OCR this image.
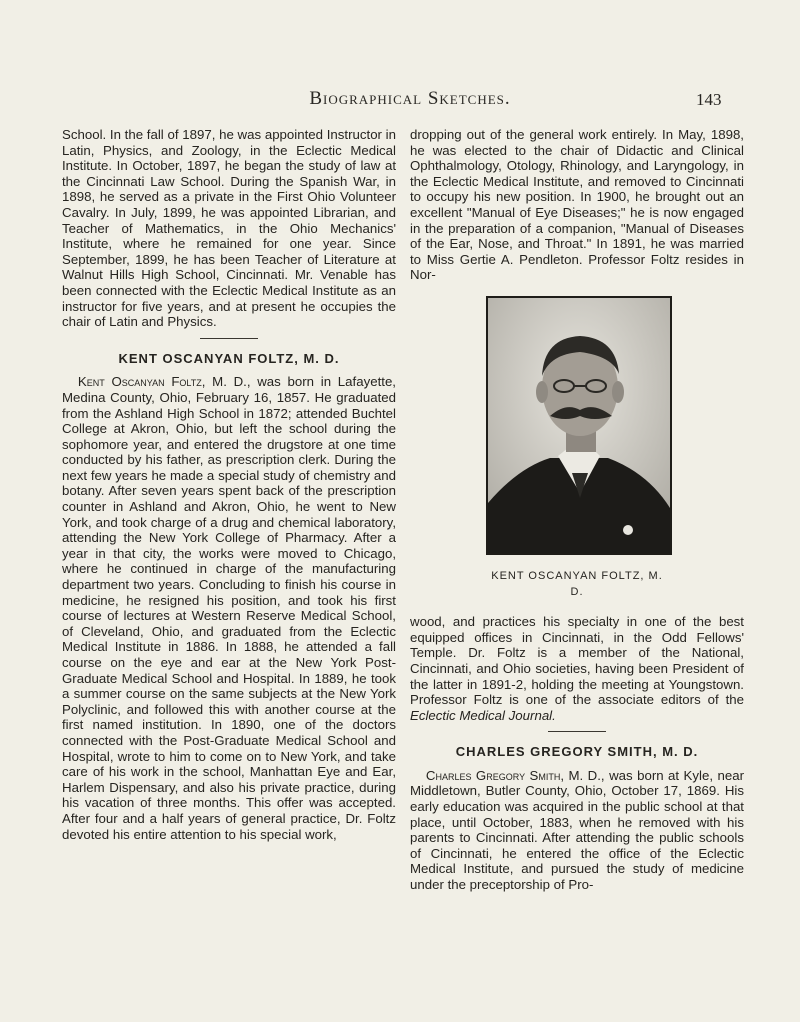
Biographical Sketches.	143

School. In the fall of 1897, he was appointed Instructor in Latin, Physics, and Zoology, in the Eclectic Medical Institute. In October, 1897, he began the study of law at the Cincinnati Law School. During the Spanish War, in 1898, he served as a private in the First Ohio Volunteer Cavalry. In July, 1899, he was appointed Librarian, and Teacher of Mathematics, in the Ohio Mechanics' Institute, where he remained for one year. Since September, 1899, he has been Teacher of Literature at Walnut Hills High School, Cincinnati. Mr. Venable has been connected with the Eclectic Medical Institute as an instructor for five years, and at present he occupies the chair of Latin and Physics.

KENT OSCANYAN FOLTZ, M. D.

Kent Oscanyan Foltz, M. D., was born in Lafayette, Medina County, Ohio, February 16, 1857. He graduated from the Ashland High School in 1872; attended Buchtel College at Akron, Ohio, but left the school during the sophomore year, and entered the drugstore at one time conducted by his father, as prescription clerk. During the next few years he made a special study of chemistry and botany. After seven years spent back of the prescription counter in Ashland and Akron, Ohio, he went to New York, and took charge of a drug and chemical laboratory, attending the New York College of Pharmacy. After a year in that city, the works were moved to Chicago, where he continued in charge of the manufacturing department two years. Concluding to finish his course in medicine, he resigned his position, and took his first course of lectures at Western Reserve Medical School, of Cleveland, Ohio, and graduated from the Eclectic Medical Institute in 1886. In 1888, he attended a fall course on the eye and ear at the New York Post-Graduate Medical School and Hospital. In 1889, he took a summer course on the same subjects at the New York Polyclinic, and followed this with another course at the first named institution. In 1890, one of the doctors connected with the Post-Graduate Medical School and Hospital, wrote to him to come on to New York, and take care of his work in the school, Manhattan Eye and Ear, Harlem Dispensary, and also his private practice, during his vacation of three months. This offer was accepted. After four and a half years of general practice, Dr. Foltz devoted his entire attention to his special work,

dropping out of the general work entirely. In May, 1898, he was elected to the chair of Didactic and Clinical Ophthalmology, Otology, Rhinology, and Laryngology, in the Eclectic Medical Institute, and removed to Cincinnati to occupy his new position. In 1900, he brought out an excellent "Manual of Eye Diseases;" he is now engaged in the preparation of a companion, "Manual of Diseases of the Ear, Nose, and Throat." In 1891, he was married to Miss Gertie A. Pendleton. Professor Foltz resides in Nor-

KENT OSCANYAN FOLTZ, M. D.

wood, and practices his specialty in one of the best equipped offices in Cincinnati, in the Odd Fellows' Temple. Dr. Foltz is a member of the National, Cincinnati, and Ohio societies, having been President of the latter in 1891-2, holding the meeting at Youngstown. Professor Foltz is one of the associate editors of the Eclectic Medical Journal.

CHARLES GREGORY SMITH, M. D.

Charles Gregory Smith, M. D., was born at Kyle, near Middletown, Butler County, Ohio, October 17, 1869. His early education was acquired in the public school at that place, until October, 1883, when he removed with his parents to Cincinnati. After attending the public schools of Cincinnati, he entered the office of the Eclectic Medical Institute, and pursued the study of medicine under the preceptorship of Pro-
